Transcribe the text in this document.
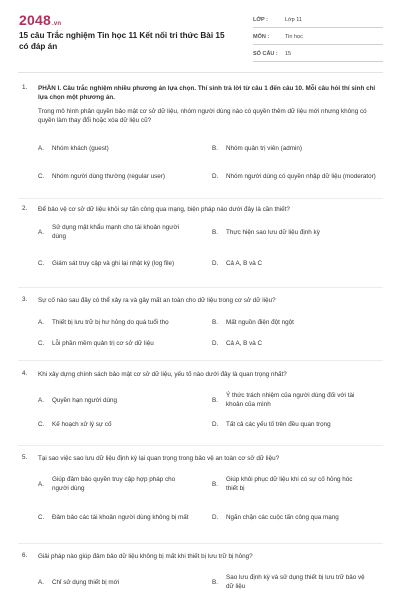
2048.vn
15 câu Trắc nghiệm Tin học 11 Kết nối tri thức Bài 15 có đáp án
LỚP :	Lớp 11
MÔN :	Tin học
SỐ CÂU :	15
1. PHẦN I. Câu trắc nghiệm nhiều phương án lựa chọn. Thí sinh trả lời từ câu 1 đến câu 10. Mỗi câu hỏi thí sinh chỉ lựa chọn một phương án.
Trong mô hình phân quyền bảo mật cơ sở dữ liệu, nhóm người dùng nào có quyền thêm dữ liệu mới nhưng không có quyền làm thay đổi hoặc xóa dữ liệu cũ?
A.	Nhóm khách (guest)	B.	Nhóm quản trị viên (admin)
C.	Nhóm người dùng thường (regular user)	D.	Nhóm người dùng có quyền nhập dữ liệu (moderator)
2. Để bảo vệ cơ sở dữ liệu khỏi sự tấn công qua mạng, biện pháp nào dưới đây là cần thiết?
A.
Sử dụng mật khẩu mạnh cho tài khoản người dùng
B.	Thực hiện sao lưu dữ liệu định kỳ
C.	Giám sát truy cập và ghi lại nhật ký (log file)	D.	Cả A, B và C
3. Sự cố nào sau đây có thể xảy ra và gây mất an toàn cho dữ liệu trong cơ sở dữ liệu?
A.	Thiết bị lưu trữ bị hư hỏng do quá tuổi thọ	B.	Mất nguồn điện đột ngột
C.	Lỗi phần mềm quản trị cơ sở dữ liệu	D.	Cả A, B và C
4. Khi xây dựng chính sách bảo mật cơ sở dữ liệu, yếu tố nào dưới đây là quan trọng nhất?
A.	Quyền hạn người dùng	B.
Ý thức trách nhiệm của người dùng đối với tài khoản của mình
C.	Kế hoạch xử lý sự cố	D.	Tất cả các yếu tố trên đều quan trọng
5. Tại sao việc sao lưu dữ liệu định kỳ lại quan trọng trong bảo vệ an toàn cơ sở dữ liệu?
A.
Giúp đảm bảo quyền truy cập hợp pháp cho người dùng
B.
Giúp khôi phục dữ liệu khi có sự cố hỏng hóc thiết bị
C.	Đảm bảo các tài khoản người dùng không bị mất	D.	Ngăn chặn các cuộc tấn công qua mạng
6. Giải pháp nào giúp đảm bảo dữ liệu không bị mất khi thiết bị lưu trữ bị hỏng?
A.	Chỉ sử dụng thiết bị mới	B.
Sao lưu định kỳ và sử dụng thiết bị lưu trữ bảo vệ dữ liệu
